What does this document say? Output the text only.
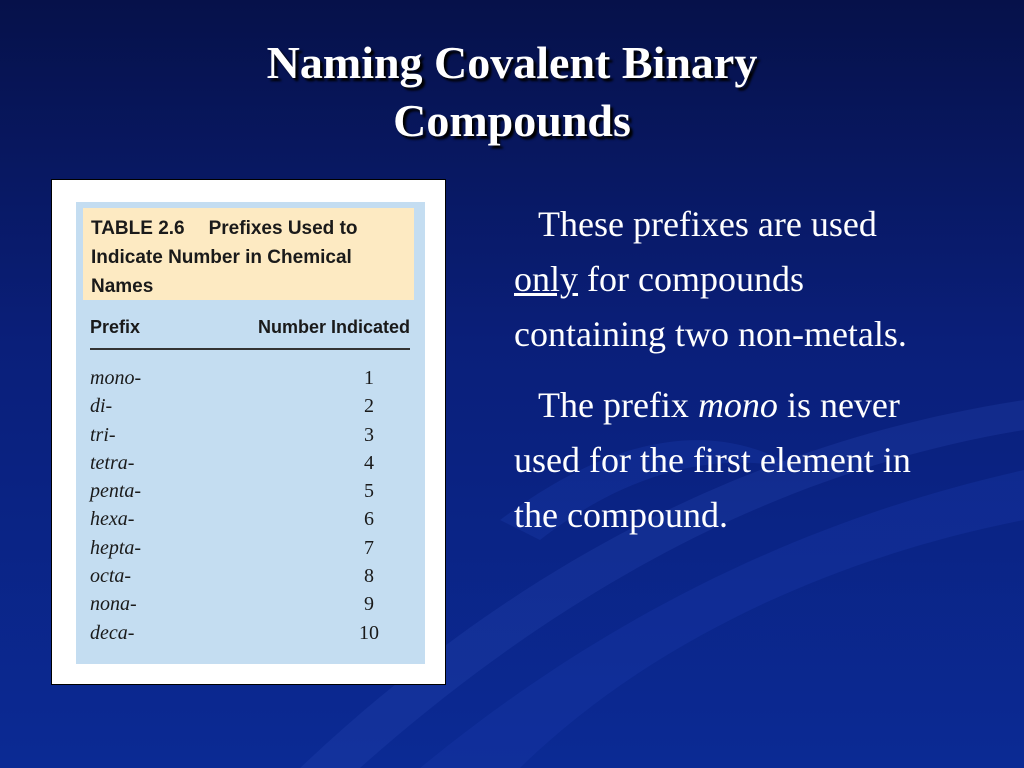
Naming Covalent Binary
Compounds
TABLE 2.6 Prefixes Used to Indicate Number in Chemical Names
Prefix	Number Indicated
mono-	1
di-	2
tri-	3
tetra-	4
penta-	5
hexa-	6
hepta-	7
octa-	8
nona-	9
deca-	10

These prefixes are used only for compounds containing two non-metals.

The prefix mono is never used for the first element in the compound.
